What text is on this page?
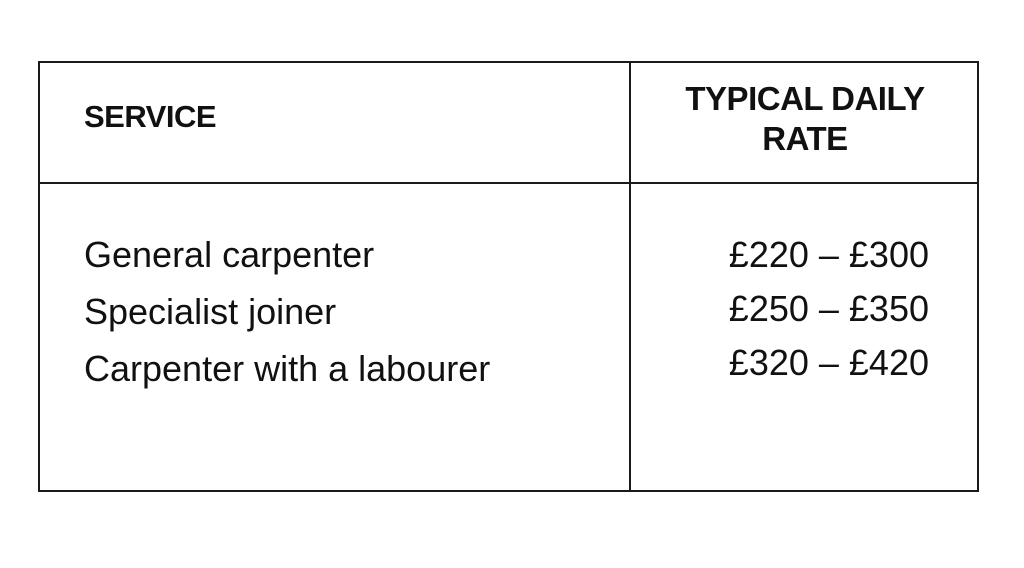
SERVICE	TYPICAL DAILY
RATE
General carpenter
Specialist joiner
Carpenter with a labourer
£220 – £300
£250 – £350
£320 – £420
